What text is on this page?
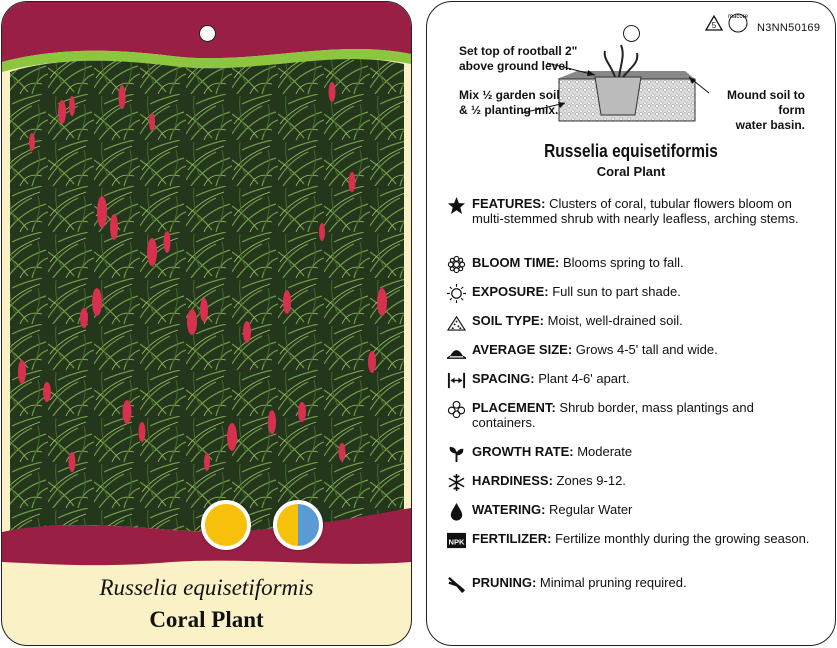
Russelia equisetiformis
Coral Plant
5
macore
N3NN50169
Set top of rootball 2"
above ground level.
Mix ½ garden soil
& ½ planting mix.
Mound soil to form
water basin.
Russelia equisetiformis
Coral Plant
FEATURES: Clusters of coral, tubular flowers bloom on multi-stemmed shrub with nearly leafless, arching stems.
BLOOM TIME: Blooms spring to fall.
EXPOSURE: Full sun to part shade.
SOIL TYPE: Moist, well-drained soil.
AVERAGE SIZE: Grows 4-5' tall and wide.
SPACING: Plant 4-6' apart.
PLACEMENT: Shrub border, mass plantings and containers.
GROWTH RATE: Moderate
HARDINESS: Zones 9-12.
WATERING: Regular Water
NPK FERTILIZER: Fertilize monthly during the growing season.
PRUNING: Minimal pruning required.
